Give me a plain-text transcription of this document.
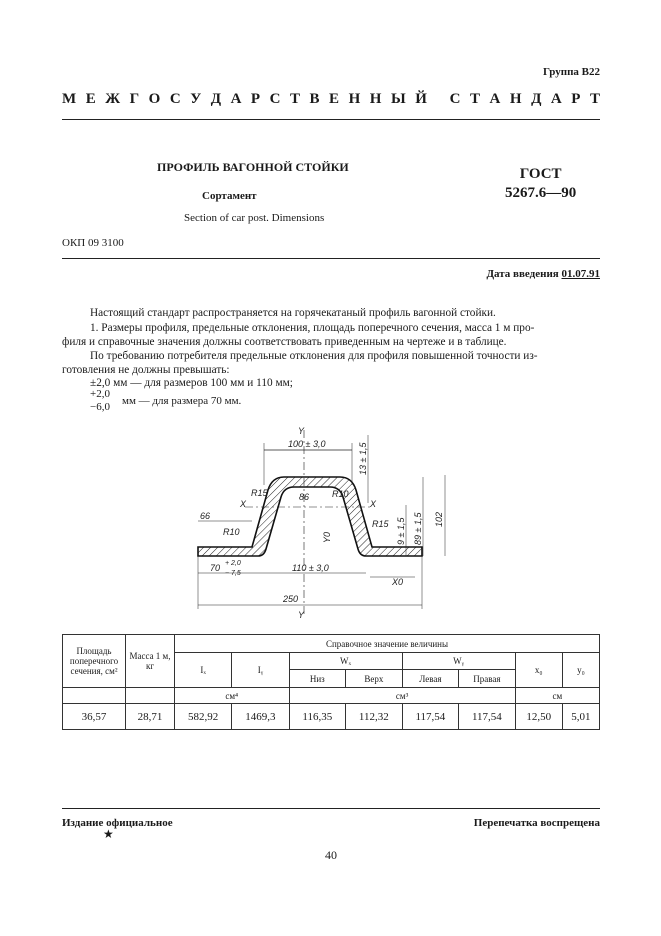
Группа В22
М Е Ж Г О С У Д А Р С Т В Е Н Н Ы Й
С Т А Н Д А Р Т
ПРОФИЛЬ ВАГОННОЙ СТОЙКИ
Сортамент
Section of car post. Dimensions
ГОСТ
5267.6—90
ОКП 09 3100
Дата введения 01.07.91
Настоящий стандарт распространяется на горячекатаный профиль вагонной стойки.
1. Размеры профиля, предельные отклонения, площадь поперечного сечения, масса 1 м про-
филя и справочные значения должны соответствовать приведенным на чертеже и в таблице.
По требованию потребителя предельные отклонения для профиля повышенной точности из-
готовления не должны превышать:
±2,0 мм — для размеров 100 мм и 110 мм;
+2,0
−6,0 мм — для размера 70 мм.
100 ± 3,0	13 ± 1,5
9 ± 1,5 89 ± 1,5 102
R15	86	R10
R15
66
R10	Y0
X	X
Y
Y
70 + 2,0
− 7,5
110 ± 3,0
X0
250
Площадь поперечного сечения, см²	Масса 1 м, кг	Справочное значение величины							
		Iₓ	Iᵧ	Wₓ		Wᵧ		x₀	y₀
				Низ	Верх	Левая	Правая		
		см⁴		см³				см	
36,57	28,71	582,92	1469,3	116,35	112,32	117,54	117,54	12,50	5,01
Издание официальное	Перепечатка воспрещена
★
40
